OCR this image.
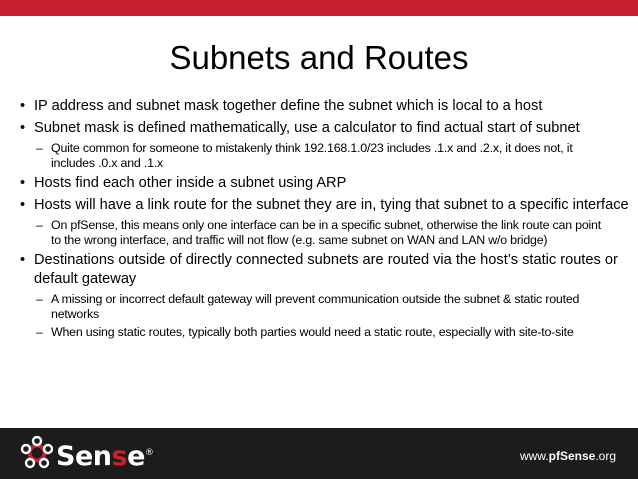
Subnets and Routes
• IP address and subnet mask together define the subnet which is local to a host
• Subnet mask is defined mathematically, use a calculator to find actual start of subnet
– Quite common for someone to mistakenly think 192.168.1.0/23 includes .1.x and .2.x, it does not, it includes .0.x and .1.x
• Hosts find each other inside a subnet using ARP
• Hosts will have a link route for the subnet they are in, tying that subnet to a specific interface
– On pfSense, this means only one interface can be in a specific subnet, otherwise the link route can point to the wrong interface, and traffic will not flow (e.g. same subnet on WAN and LAN w/o bridge)
• Destinations outside of directly connected subnets are routed via the host’s static routes or default gateway
– A missing or incorrect default gateway will prevent communication outside the subnet & static routed networks
– When using static routes, typically both parties would need a static route, especially with site-to-site
Sense®	www.pfSense.org
